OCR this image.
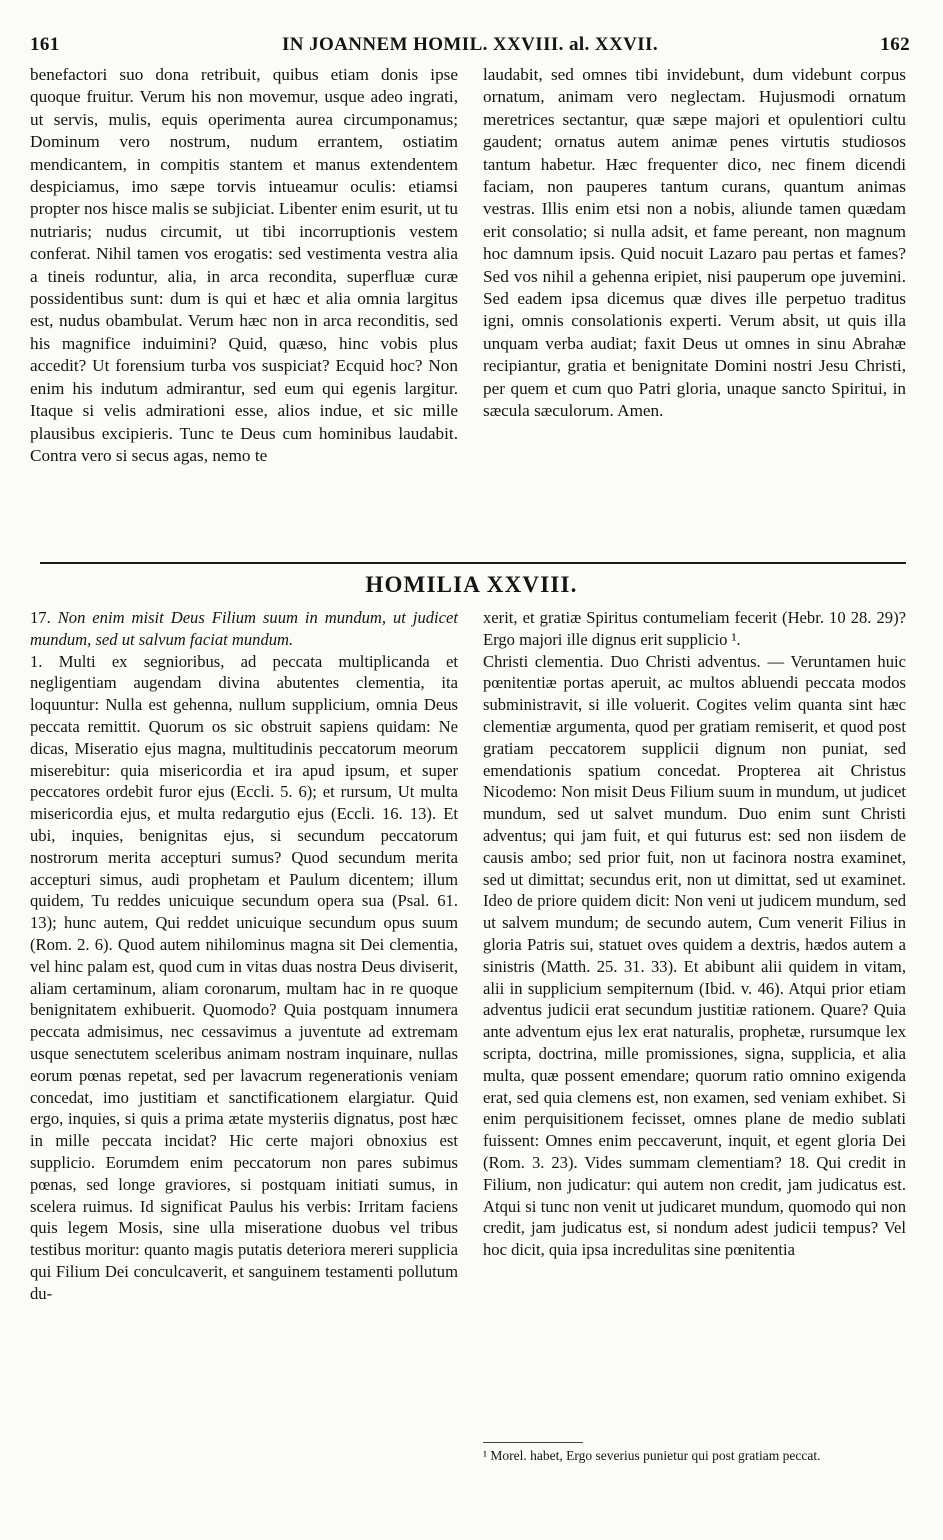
161	IN JOANNEM HOMIL. XXVIII. al. XXVII.	162

benefactori suo dona retribuit, quibus etiam donis ipse quoque fruitur. Verum his non movemur, usque adeo ingrati, ut servis, mulis, equis operimenta aurea circumponamus; Dominum vero nostrum, nudum errantem, ostiatim mendicantem, in compitis stantem et manus extendentem despiciamus, imo sæpe torvis intueamur oculis: etiamsi propter nos hisce malis se subjiciat. Libenter enim esurit, ut tu nutriaris; nudus circumit, ut tibi incorruptionis vestem conferat. Nihil tamen vos erogatis: sed vestimenta vestra alia a tineis roduntur, alia, in arca recondita, superfluæ curæ possidentibus sunt: dum is qui et hæc et alia omnia largitus est, nudus obambulat. Verum hæc non in arca reconditis, sed his magnifice induimini? Quid, quæso, hinc vobis plus accedit? Ut forensium turba vos suspiciat? Ecquid hoc? Non enim his indutum admirantur, sed eum qui egenis largitur. Itaque si velis admirationi esse, alios indue, et sic mille plausibus excipieris. Tunc te Deus cum hominibus laudabit. Contra vero si secus agas, nemo te

laudabit, sed omnes tibi invidebunt, dum videbunt corpus ornatum, animam vero neglectam. Hujusmodi ornatum meretrices sectantur, quæ sæpe majori et opulentiori cultu gaudent; ornatus autem animæ penes virtutis studiosos tantum habetur. Hæc frequenter dico, nec finem dicendi faciam, non pauperes tantum curans, quantum animas vestras. Illis enim etsi non a nobis, aliunde tamen quædam erit consolatio; si nulla adsit, et fame pereant, non magnum hoc damnum ipsis. Quid nocuit Lazaro pau pertas et fames? Sed vos nihil a gehenna eripiet, nisi pauperum ope juvemini. Sed eadem ipsa dicemus quæ dives ille perpetuo traditus igni, omnis consolationis experti. Verum absit, ut quis illa unquam verba audiat; faxit Deus ut omnes in sinu Abrahæ recipiantur, gratia et benignitate Domini nostri Jesu Christi, per quem et cum quo Patri gloria, unaque sancto Spiritui, in sæcula sæculorum. Amen.

HOMILIA XXVIII.

17. Non enim misit Deus Filium suum in mundum, ut judicet mundum, sed ut salvum faciat mundum.

1. Multi ex segnioribus, ad peccata multiplicanda et negligentiam augendam divina abutentes clementia, ita loquuntur: Nulla est gehenna, nullum supplicium, omnia Deus peccata remittit. Quorum os sic obstruit sapiens quidam: Ne dicas, Miseratio ejus magna, multitudinis peccatorum meorum miserebitur: quia misericordia et ira apud ipsum, et super peccatores ordebit furor ejus (Eccli. 5. 6); et rursum, Ut multa misericordia ejus, et multa redargutio ejus (Eccli. 16. 13). Et ubi, inquies, benignitas ejus, si secundum peccatorum nostrorum merita accepturi sumus? Quod secundum merita accepturi simus, audi prophetam et Paulum dicentem; illum quidem, Tu reddes unicuique secundum opera sua (Psal. 61. 13); hunc autem, Qui reddet unicuique secundum opus suum (Rom. 2. 6). Quod autem nihilominus magna sit Dei clementia, vel hinc palam est, quod cum in vitas duas nostra Deus diviserit, aliam certaminum, aliam coronarum, multam hac in re quoque benignitatem exhibuerit. Quomodo? Quia postquam innumera peccata admisimus, nec cessavimus a juventute ad extremam usque senectutem sceleribus animam nostram inquinare, nullas eorum pœnas repetat, sed per lavacrum regenerationis veniam concedat, imo justitiam et sanctificationem elargiatur. Quid ergo, inquies, si quis a prima ætate mysteriis dignatus, post hæc in mille peccata incidat? Hic certe majori obnoxius est supplicio. Eorumdem enim peccatorum non pares subimus pœnas, sed longe graviores, si postquam initiati sumus, in scelera ruimus. Id significat Paulus his verbis: Irritam faciens quis legem Mosis, sine ulla miseratione duobus vel tribus testibus moritur: quanto magis putatis deteriora mereri supplicia qui Filium Dei conculcaverit, et sanguinem testamenti pollutum du-

xerit, et gratiæ Spiritus contumeliam fecerit (Hebr. 10 28. 29)? Ergo majori ille dignus erit supplicio ¹.

Christi clementia. Duo Christi adventus. — Veruntamen huic pœnitentiæ portas aperuit, ac multos abluendi peccata modos subministravit, si ille voluerit. Cogites velim quanta sint hæc clementiæ argumenta, quod per gratiam remiserit, et quod post gratiam peccatorem supplicii dignum non puniat, sed emendationis spatium concedat. Propterea ait Christus Nicodemo: Non misit Deus Filium suum in mundum, ut judicet mundum, sed ut salvet mundum. Duo enim sunt Christi adventus; qui jam fuit, et qui futurus est: sed non iisdem de causis ambo; sed prior fuit, non ut facinora nostra examinet, sed ut dimittat; secundus erit, non ut dimittat, sed ut examinet. Ideo de priore quidem dicit: Non veni ut judicem mundum, sed ut salvem mundum; de secundo autem, Cum venerit Filius in gloria Patris sui, statuet oves quidem a dextris, hædos autem a sinistris (Matth. 25. 31. 33). Et abibunt alii quidem in vitam, alii in supplicium sempiternum (Ibid. v. 46). Atqui prior etiam adventus judicii erat secundum justitiæ rationem. Quare? Quia ante adventum ejus lex erat naturalis, prophetæ, rursumque lex scripta, doctrina, mille promissiones, signa, supplicia, et alia multa, quæ possent emendare; quorum ratio omnino exigenda erat, sed quia clemens est, non examen, sed veniam exhibet. Si enim perquisitionem fecisset, omnes plane de medio sublati fuissent: Omnes enim peccaverunt, inquit, et egent gloria Dei (Rom. 3. 23). Vides summam clementiam? 18. Qui credit in Filium, non judicatur: qui autem non credit, jam judicatus est. Atqui si tunc non venit ut judicaret mundum, quomodo qui non credit, jam judicatus est, si nondum adest judicii tempus? Vel hoc dicit, quia ipsa incredulitas sine pœnitentia

¹ Morel. habet, Ergo severius punietur qui post gratiam peccat.
